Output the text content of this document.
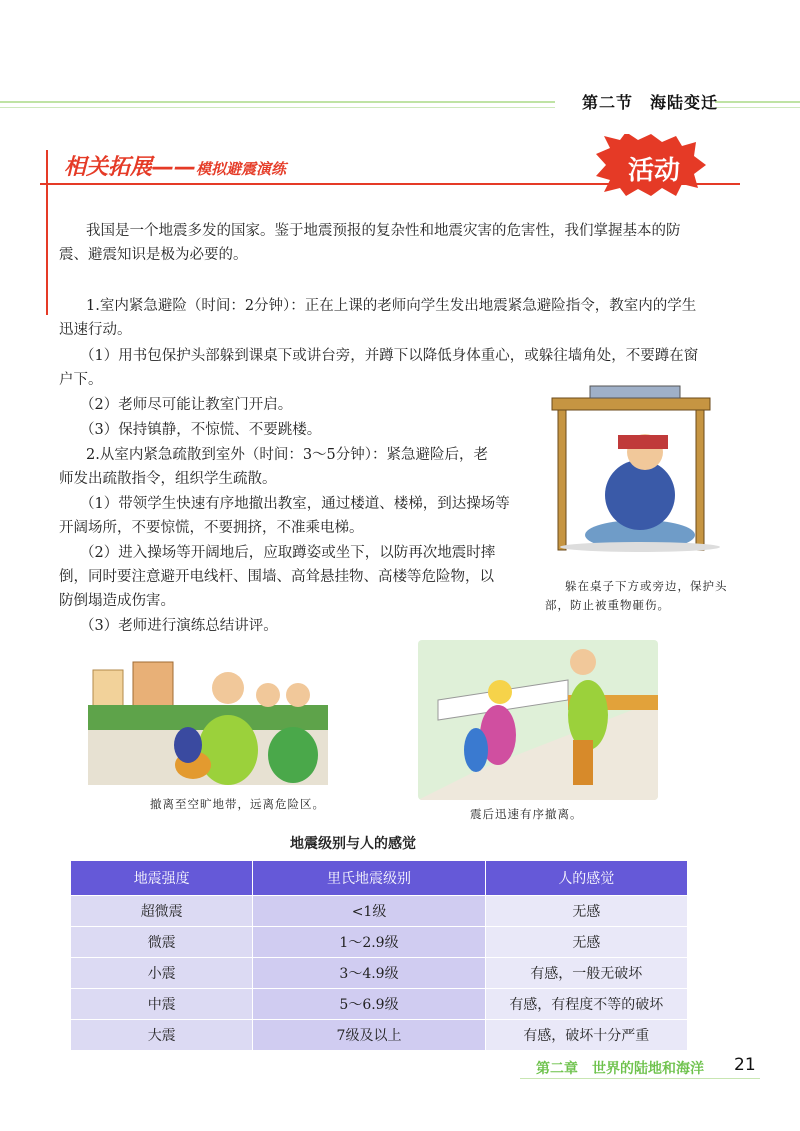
第二节　海陆变迁
相关拓展——模拟避震演练	活动
我国是一个地震多发的国家。鉴于地震预报的复杂性和地震灾害的危害性，我们掌握基本的防
震、避震知识是极为必要的。
1.室内紧急避险（时间：2分钟）：正在上课的老师向学生发出地震紧急避险指令，教室内的学生
迅速行动。
（1）用书包保护头部躲到课桌下或讲台旁，并蹲下以降低身体重心，或躲往墙角处，不要蹲在窗
户下。
（2）老师尽可能让教室门开启。
（3）保持镇静，不惊慌、不要跳楼。
2.从室内紧急疏散到室外（时间：3～5分钟）：紧急避险后，老
师发出疏散指令，组织学生疏散。
（1）带领学生快速有序地撤出教室，通过楼道、楼梯，到达操场等
开阔场所，不要惊慌，不要拥挤，不准乘电梯。
（2）进入操场等开阔地后，应取蹲姿或坐下，以防再次地震时摔
倒，同时要注意避开电线杆、围墙、高耸悬挂物、高楼等危险物，以
防倒塌造成伤害。
（3）老师进行演练总结讲评。
躲在桌子下方或旁边，保护头
部，防止被重物砸伤。
撤离至空旷地带，远离危险区。
震后迅速有序撤离。
地震级别与人的感觉
地震强度	里氏地震级别	人的感觉
超微震	<1级	无感
微震	1～2.9级	无感
小震	3～4.9级	有感，一般无破坏
中震	5～6.9级	有感，有程度不等的破坏
大震	7级及以上	有感，破坏十分严重
第二章　世界的陆地和海洋 21
